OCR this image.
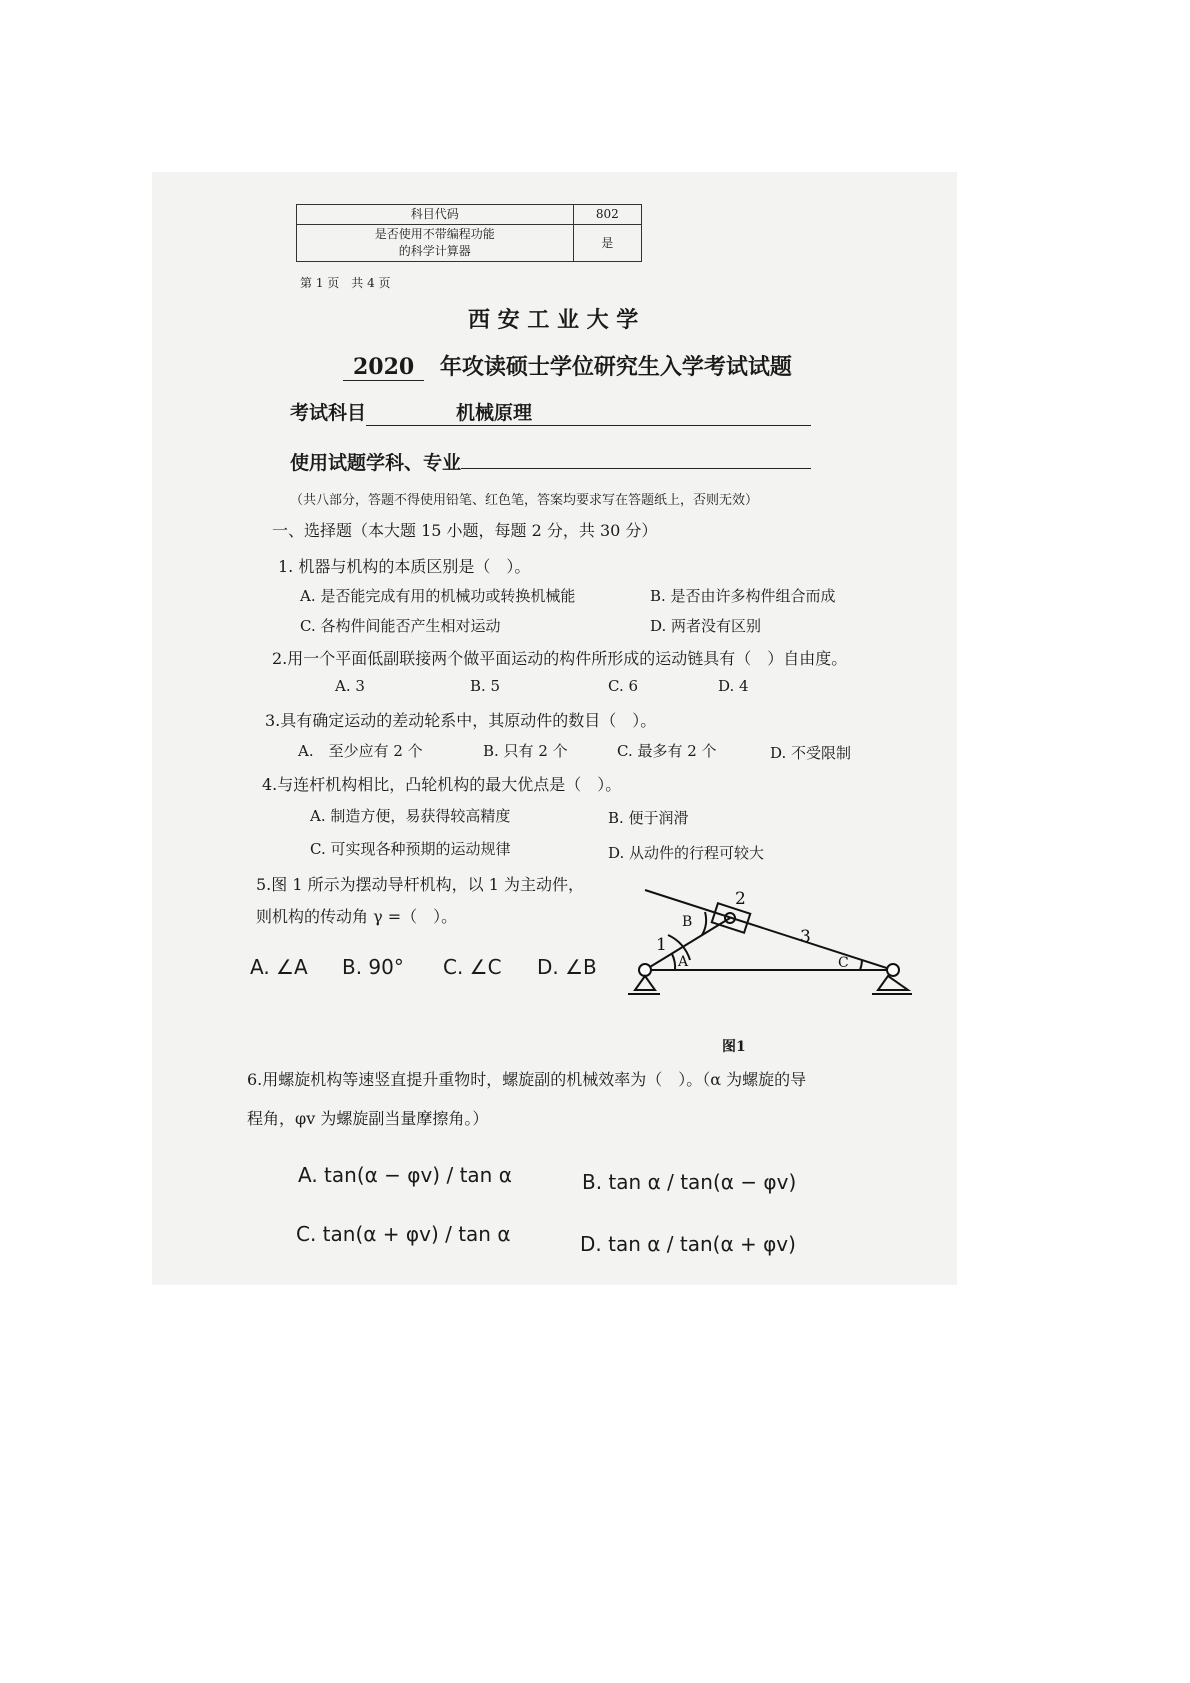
科目代码	802
是否使用不带编程功能
的科学计算器	是
第 1 页　共 4 页
西 安 工 业 大 学
2020 年攻读硕士学位研究生入学考试试题
考试科目	机械原理
使用试题学科、专业
（共八部分，答题不得使用铅笔、红色笔，答案均要求写在答题纸上，否则无效）
一、选择题（本大题 15 小题，每题 2 分，共 30 分）
1. 机器与机构的本质区别是（　）。
A. 是否能完成有用的机械功或转换机械能	B. 是否由许多构件组合而成
C. 各构件间能否产生相对运动	D. 两者没有区别
2.用一个平面低副联接两个做平面运动的构件所形成的运动链具有（　）自由度。
A. 3	B. 5	C. 6	D. 4
3.具有确定运动的差动轮系中，其原动件的数目（　）。
A.　至少应有 2 个	B. 只有 2 个	C. 最多有 2 个	D. 不受限制
4.与连杆机构相比，凸轮机构的最大优点是（　）。
A. 制造方便，易获得较高精度	B. 便于润滑
C. 可实现各种预期的运动规律	D. 从动件的行程可较大
5.图 1 所示为摆动导杆机构，以 1 为主动件，
则机构的传动角 γ =（　）。
A. ∠A B. 90° C. ∠C D. ∠B
1
2
3
A
B
C
图1
6.用螺旋机构等速竖直提升重物时，螺旋副的机械效率为（　）。（α 为螺旋的导
程角，φv 为螺旋副当量摩擦角。）
A. tan(α − φv) / tan α	B. tan α / tan(α − φv)
C. tan(α + φv) / tan α	D. tan α / tan(α + φv)
